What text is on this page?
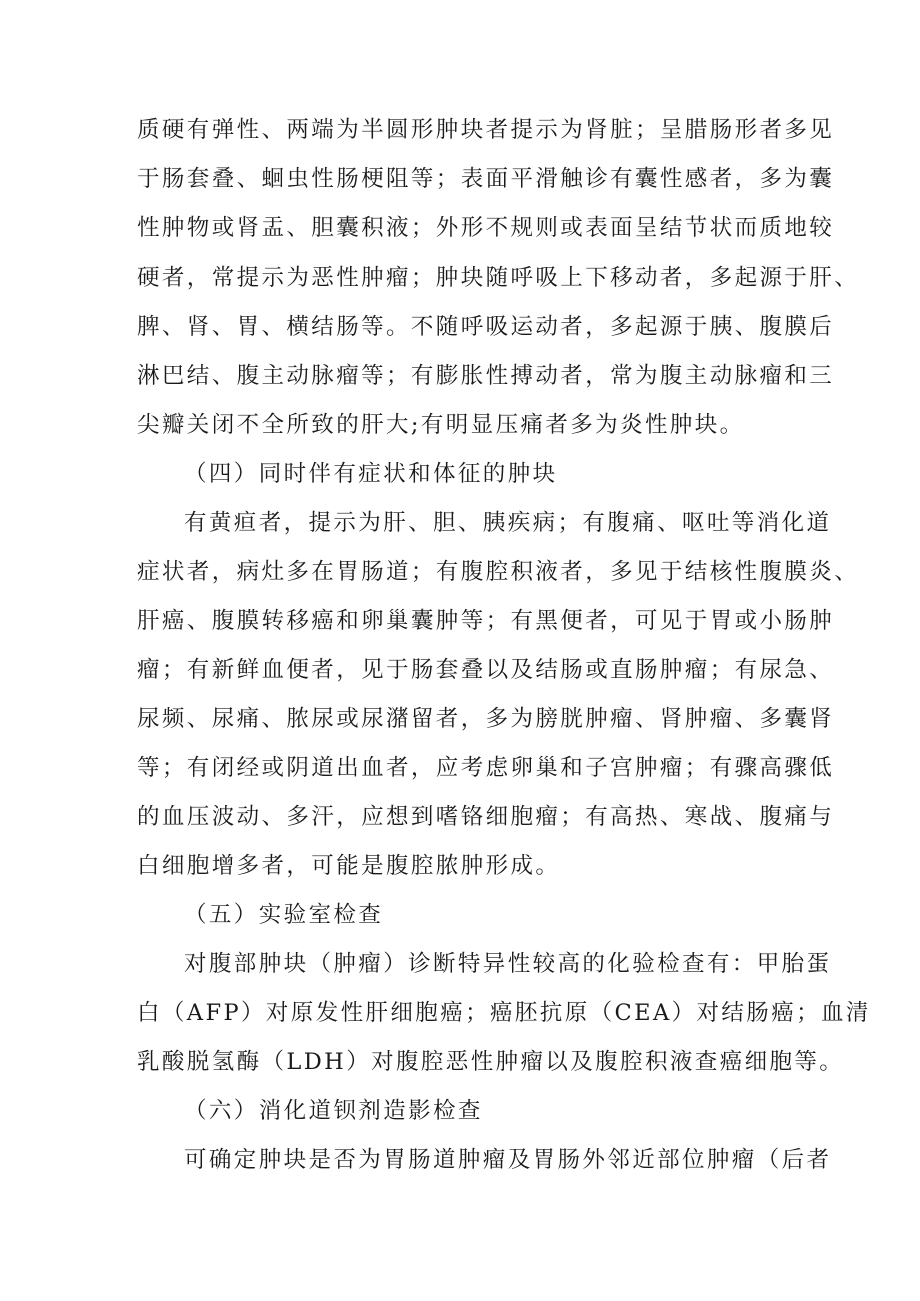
质硬有弹性、两端为半圆形肿块者提示为肾脏；呈腊肠形者多见
于肠套叠、蛔虫性肠梗阻等；表面平滑触诊有囊性感者，多为囊
性肿物或肾盂、胆囊积液；外形不规则或表面呈结节状而质地较
硬者，常提示为恶性肿瘤；肿块随呼吸上下移动者，多起源于肝、
脾、肾、胃、横结肠等。不随呼吸运动者，多起源于胰、腹膜后
淋巴结、腹主动脉瘤等；有膨胀性搏动者，常为腹主动脉瘤和三
尖瓣关闭不全所致的肝大;有明显压痛者多为炎性肿块。
（四）同时伴有症状和体征的肿块
有黄疸者，提示为肝、胆、胰疾病；有腹痛、呕吐等消化道
症状者，病灶多在胃肠道；有腹腔积液者，多见于结核性腹膜炎、
肝癌、腹膜转移癌和卵巢囊肿等；有黑便者，可见于胃或小肠肿
瘤；有新鲜血便者，见于肠套叠以及结肠或直肠肿瘤；有尿急、
尿频、尿痛、脓尿或尿潴留者，多为膀胱肿瘤、肾肿瘤、多囊肾
等；有闭经或阴道出血者，应考虑卵巢和子宫肿瘤；有骤高骤低
的血压波动、多汗，应想到嗜铬细胞瘤；有高热、寒战、腹痛与
白细胞增多者，可能是腹腔脓肿形成。
（五）实验室检查
对腹部肿块（肿瘤）诊断特异性较高的化验检查有：甲胎蛋
白（AFP）对原发性肝细胞癌；癌胚抗原（CEA）对结肠癌；血清
乳酸脱氢酶（LDH）对腹腔恶性肿瘤以及腹腔积液查癌细胞等。
（六）消化道钡剂造影检查
可确定肿块是否为胃肠道肿瘤及胃肠外邻近部位肿瘤（后者
